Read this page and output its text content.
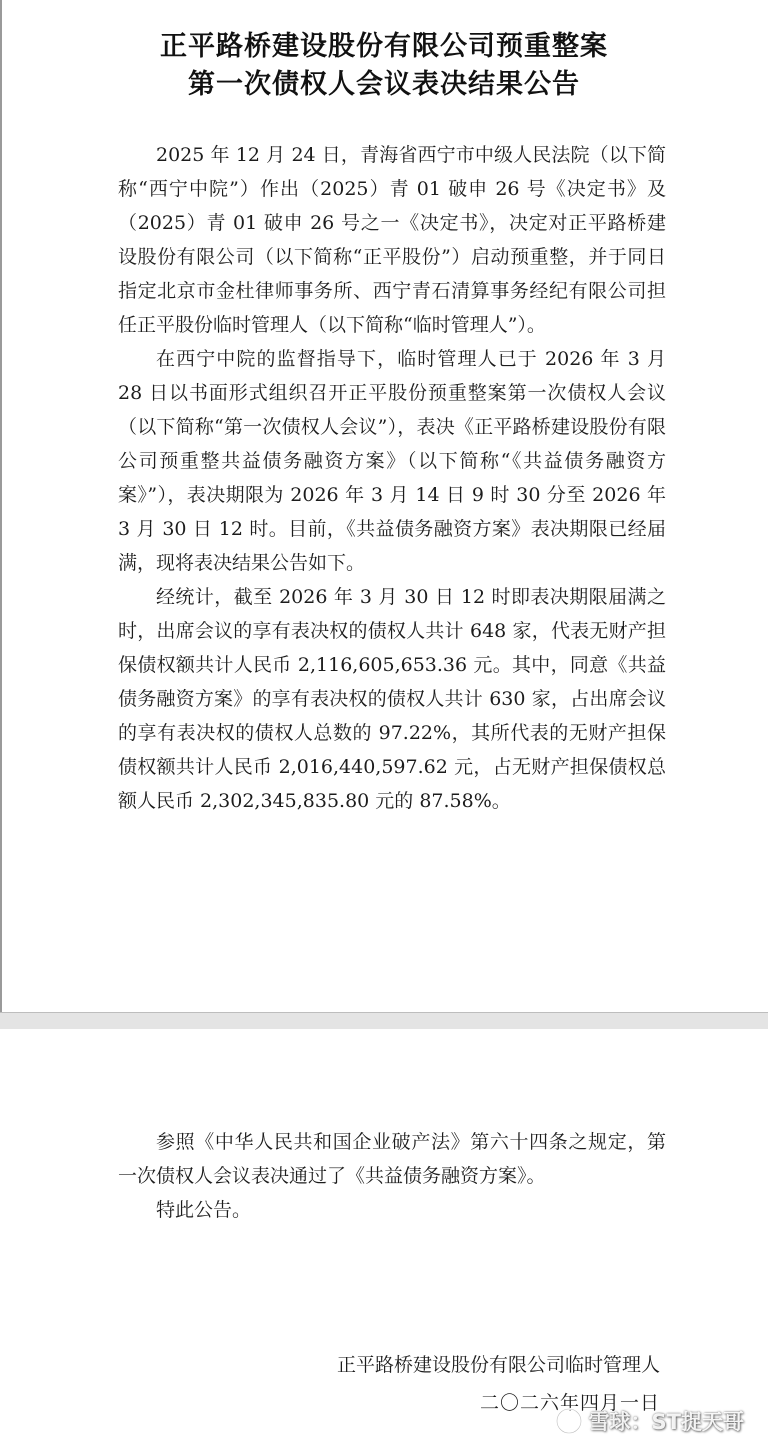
正平路桥建设股份有限公司预重整案
第一次债权人会议表决结果公告

2025 年 12 月 24 日，青海省西宁市中级人民法院（以下简称“西宁中院”）作出（2025）青 01 破申 26 号《决定书》及（2025）青 01 破申 26 号之一《决定书》，决定对正平路桥建设股份有限公司（以下简称“正平股份”）启动预重整，并于同日指定北京市金杜律师事务所、西宁青石清算事务经纪有限公司担任正平股份临时管理人（以下简称“临时管理人”）。

在西宁中院的监督指导下，临时管理人已于 2026 年 3 月 28 日以书面形式组织召开正平股份预重整案第一次债权人会议（以下简称“第一次债权人会议”），表决《正平路桥建设股份有限公司预重整共益债务融资方案》（以下简称“《共益债务融资方案》”），表决期限为 2026 年 3 月 14 日 9 时 30 分至 2026 年 3 月 30 日 12 时。目前，《共益债务融资方案》表决期限已经届满，现将表决结果公告如下。

经统计，截至 2026 年 3 月 30 日 12 时即表决期限届满之时，出席会议的享有表决权的债权人共计 648 家，代表无财产担保债权额共计人民币 2,116,605,653.36 元。其中，同意《共益债务融资方案》的享有表决权的债权人共计 630 家，占出席会议的享有表决权的债权人总数的 97.22%，其所代表的无财产担保债权额共计人民币 2,016,440,597.62 元，占无财产担保债权总额人民币 2,302,345,835.80 元的 87.58%。

参照《中华人民共和国企业破产法》第六十四条之规定，第一次债权人会议表决通过了《共益债务融资方案》。

特此公告。

正平路桥建设股份有限公司临时管理人
二〇二六年四月一日
雪球：ST捉天哥
